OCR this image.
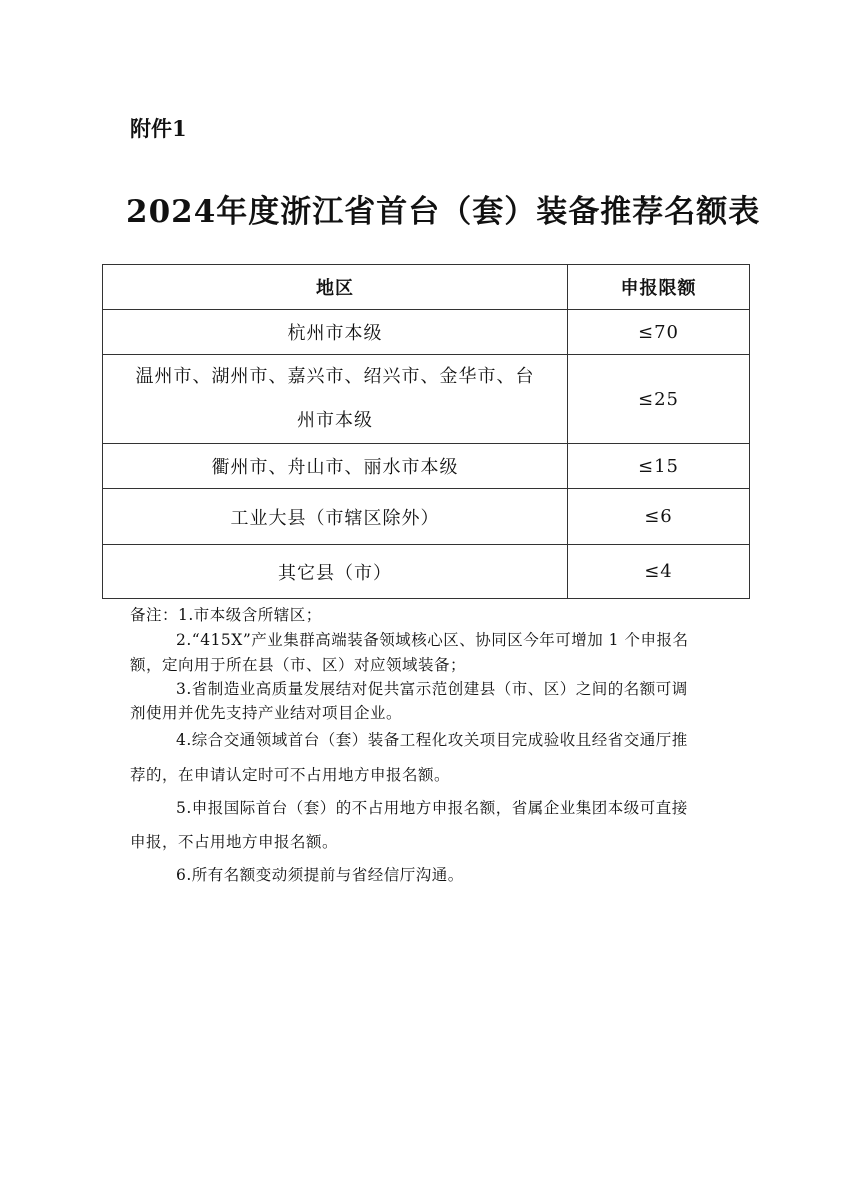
附件1
2024年度浙江省首台（套）装备推荐名额表
地区	申报限额
杭州市本级	≤70
温州市、湖州市、嘉兴市、绍兴市、金华市、台
州市本级	≤25
衢州市、舟山市、丽水市本级	≤15
工业大县（市辖区除外）	≤6
其它县（市）	≤4
备注：1.市本级含所辖区；
2.“415X”产业集群高端装备领域核心区、协同区今年可增加 1 个申报名
额，定向用于所在县（市、区）对应领域装备；
3.省制造业高质量发展结对促共富示范创建县（市、区）之间的名额可调
剂使用并优先支持产业结对项目企业。
4.综合交通领域首台（套）装备工程化攻关项目完成验收且经省交通厅推
荐的，在申请认定时可不占用地方申报名额。
5.申报国际首台（套）的不占用地方申报名额，省属企业集团本级可直接
申报，不占用地方申报名额。
6.所有名额变动须提前与省经信厅沟通。
